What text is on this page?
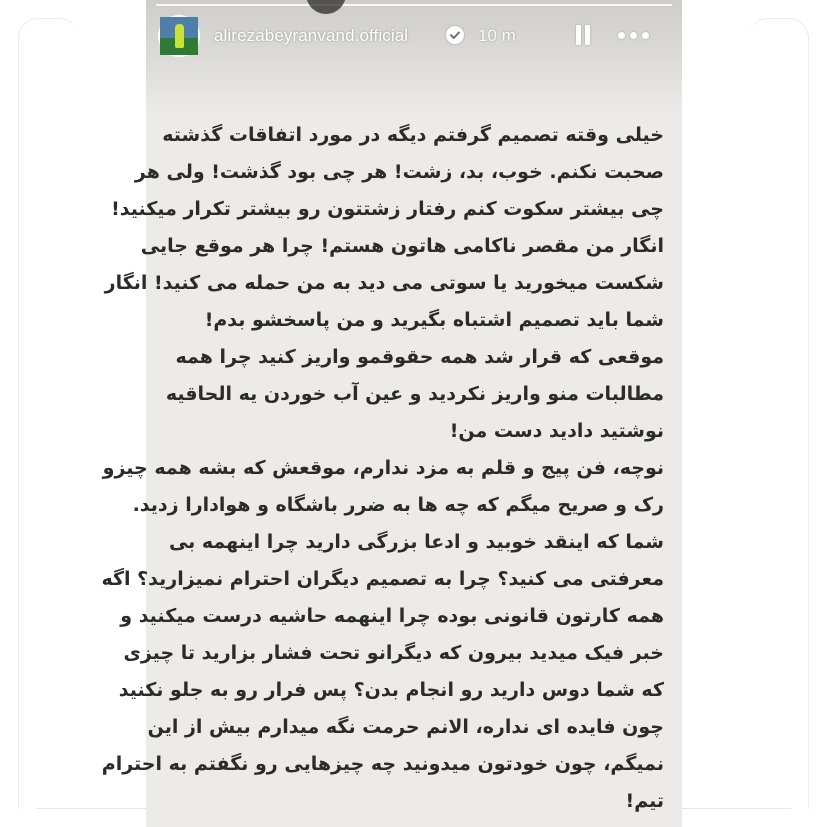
alirezabeyranvand.official	10 m
خیلی وقته تصمیم گرفتم دیگه در مورد اتفاقات گذشته
صحبت نکنم. خوب، بد، زشت! هر چی بود گذشت! ولی هر
چی بیشتر سکوت کنم رفتار زشتتون رو بیشتر تکرار میکنید!
انگار من مقصر ناکامی هاتون هستم! چرا هر موقع جایی
شکست میخورید یا سوتی می دید به من حمله می کنید! انگار
شما باید تصمیم اشتباه بگیرید و من پاسخشو بدم!
موقعی که قرار شد همه حقوقمو واریز کنید چرا همه
مطالبات منو واریز نکردید و عین آب خوردن یه الحاقیه
نوشتید دادید دست من!
نوچه، فن پیج و قلم به مزد ندارم، موقعش که بشه همه چیزو
رک و صریح میگم که چه ها به ضرر باشگاه و هوادارا زدید.
شما که اینقد خوبید و ادعا بزرگی دارید چرا اینهمه بی
معرفتی می کنید؟ چرا به تصمیم دیگران احترام نمیزارید؟ اگه
همه کارتون قانونی بوده چرا اینهمه حاشیه درست میکنید و
خبر فیک میدید بیرون که دیگرانو تحت فشار بزارید تا چیزی
که شما دوس دارید رو انجام بدن؟ پس فرار رو به جلو نکنید
چون فایده ای نداره، الانم حرمت نگه میدارم بیش از این
نمیگم، چون خودتون میدونید چه چیزهایی رو نگفتم به احترام
تیم!
